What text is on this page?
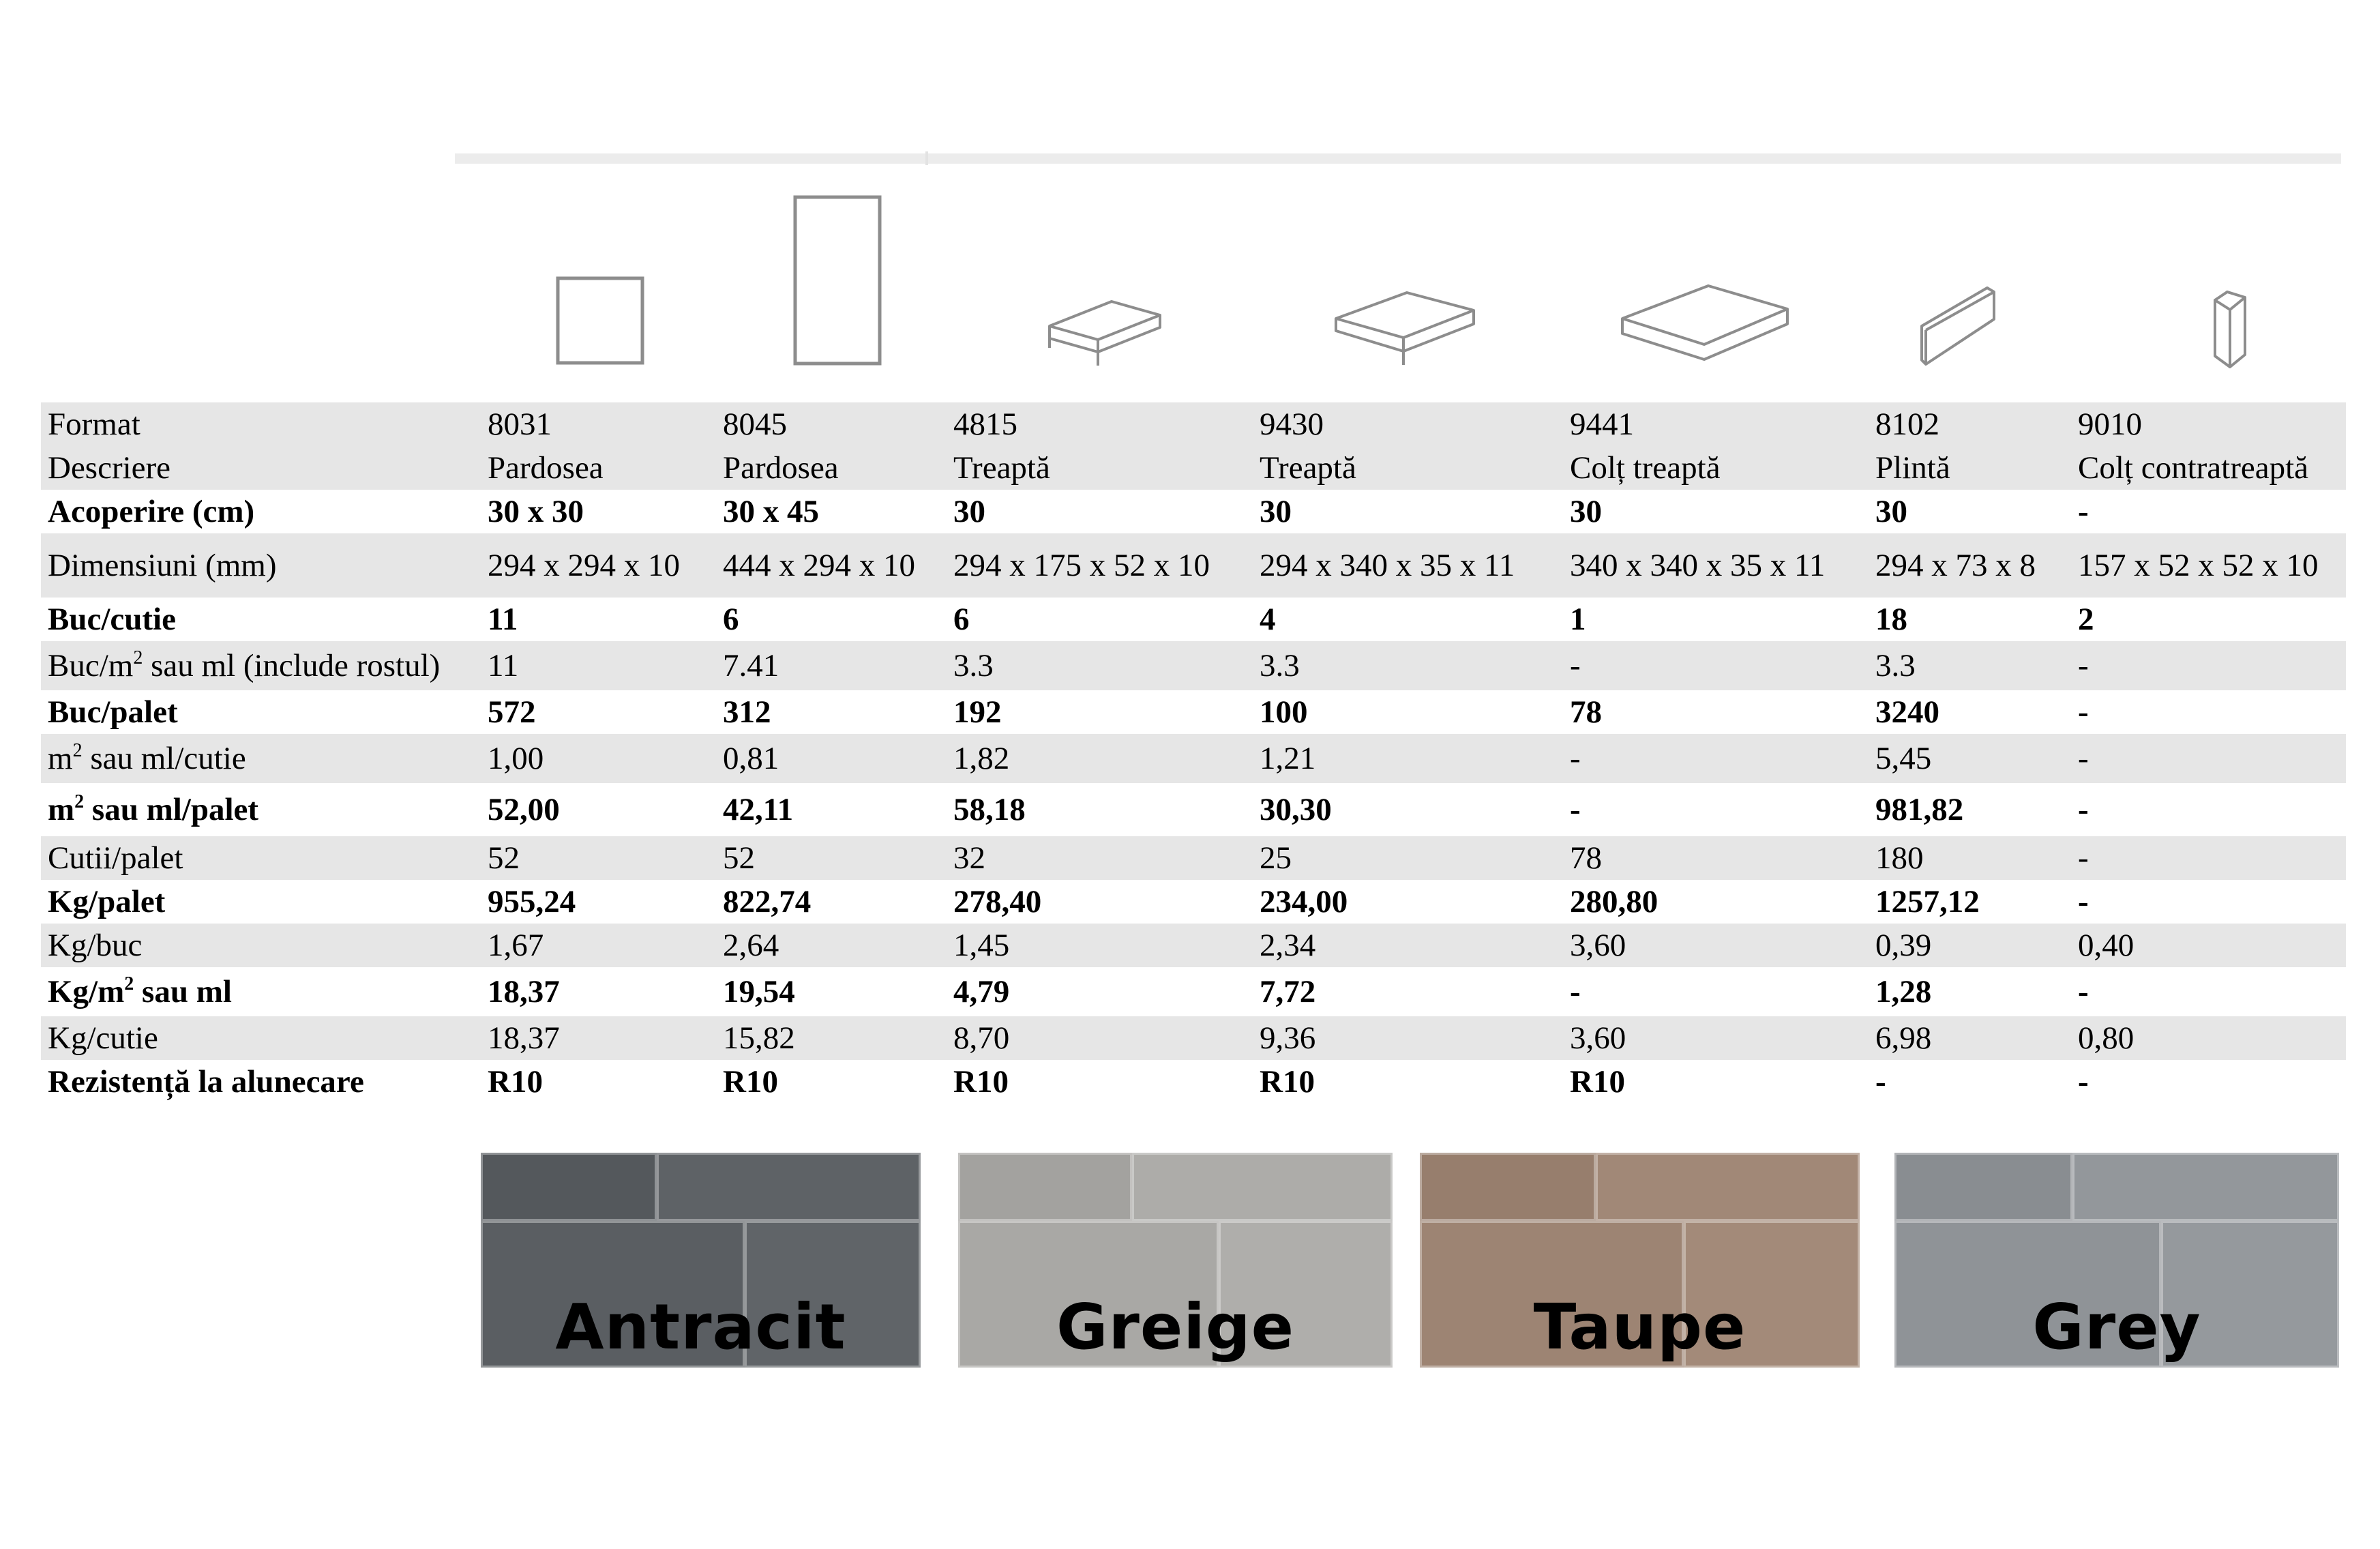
Format	8031	8045	4815	9430	9441	8102	9010
Descriere	Pardosea	Pardosea	Treaptă	Treaptă	Colț treaptă	Plintă	Colț contratreaptă
Acoperire (cm)	30 x 30	30 x 45	30	30	30	30	-
Dimensiuni (mm)	294 x 294 x 10	444 x 294 x 10	294 x 175 x 52 x 10	294 x 340 x 35 x 11	340 x 340 x 35 x 11	294 x 73 x 8	157 x 52 x 52 x 10
Buc/cutie	11	6	6	4	1	18	2
Buc/$m^2$ sau ml (include rostul)	11	7.41	3.3	3.3	-	3.3	-
Buc/palet	572	312	192	100	78	3240	-
$m^2$ sau ml/cutie	1,00	0,81	1,82	1,21	-	5,45	-
$m^2$ sau ml/palet	52,00	42,11	58,18	30,30	-	981,82	-
Cutii/palet	52	52	32	25	78	180	-
Kg/palet	955,24	822,74	278,40	234,00	280,80	1257,12	-
Kg/buc	1,67	2,64	1,45	2,34	3,60	0,39	0,40
$Kg/m^2$ sau ml	18,37	19,54	4,79	7,72	-	1,28	-
Kg/cutie	18,37	15,82	8,70	9,36	3,60	6,98	0,80
Rezistență la alunecare	R10	R10	R10	R10	R10	-	-
Antracit	Greige	Taupe	Grey
